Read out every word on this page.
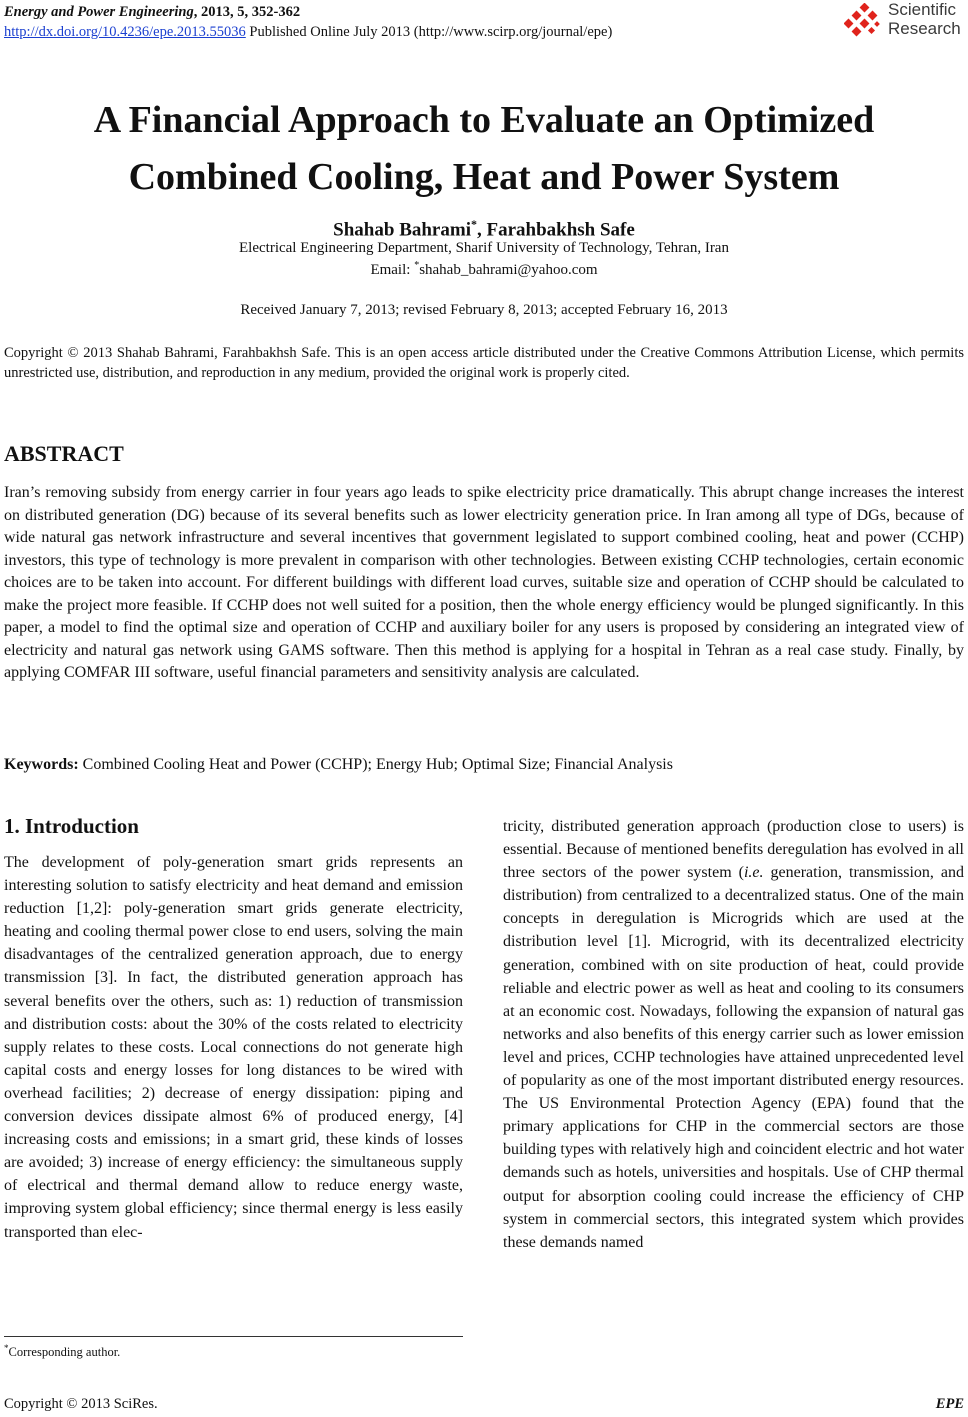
Energy and Power Engineering, 2013, 5, 352-362
http://dx.doi.org/10.4236/epe.2013.55036 Published Online July 2013 (http://www.scirp.org/journal/epe)
Scientific
Research
A Financial Approach to Evaluate an Optimized
Combined Cooling, Heat and Power System
Shahab Bahrami*, Farahbakhsh Safe
Electrical Engineering Department, Sharif University of Technology, Tehran, Iran
Email: *shahab_bahrami@yahoo.com
Received January 7, 2013; revised February 8, 2013; accepted February 16, 2013
Copyright © 2013 Shahab Bahrami, Farahbakhsh Safe. This is an open access article distributed under the Creative Commons Attribution License, which permits unrestricted use, distribution, and reproduction in any medium, provided the original work is properly cited.
ABSTRACT
Iran’s removing subsidy from energy carrier in four years ago leads to spike electricity price dramatically. This abrupt change increases the interest on distributed generation (DG) because of its several benefits such as lower electricity generation price. In Iran among all type of DGs, because of wide natural gas network infrastructure and several incentives that government legislated to support combined cooling, heat and power (CCHP) investors, this type of technology is more prevalent in comparison with other technologies. Between existing CCHP technologies, certain economic choices are to be taken into account. For different buildings with different load curves, suitable size and operation of CCHP should be calculated to make the project more feasible. If CCHP does not well suited for a position, then the whole energy efficiency would be plunged significantly. In this paper, a model to find the optimal size and operation of CCHP and auxiliary boiler for any users is proposed by considering an integrated view of electricity and natural gas network using GAMS software. Then this method is applying for a hospital in Tehran as a real case study. Finally, by applying COMFAR III software, useful financial parameters and sensitivity analysis are calculated.
Keywords: Combined Cooling Heat and Power (CCHP); Energy Hub; Optimal Size; Financial Analysis
1. Introduction
The development of poly-generation smart grids represents an interesting solution to satisfy electricity and heat demand and emission reduction [1,2]: poly-generation smart grids generate electricity, heating and cooling thermal power close to end users, solving the main disadvantages of the centralized generation approach, due to energy transmission [3]. In fact, the distributed generation approach has several benefits over the others, such as: 1) reduction of transmission and distribution costs: about the 30% of the costs related to electricity supply relates to these costs. Local connections do not generate high capital costs and energy losses for long distances to be wired with overhead facilities; 2) decrease of energy dissipation: piping and conversion devices dissipate almost 6% of produced energy, [4] increasing costs and emissions; in a smart grid, these kinds of losses are avoided; 3) increase of energy efficiency: the simultaneous supply of electrical and thermal demand allow to reduce energy waste, improving system global efficiency; since thermal energy is less easily transported than elec-
tricity, distributed generation approach (production close to users) is essential. Because of mentioned benefits deregulation has evolved in all three sectors of the power system (i.e. generation, transmission, and distribution) from centralized to a decentralized status. One of the main concepts in deregulation is Microgrids which are used at the distribution level [1]. Microgrid, with its decentralized electricity generation, combined with on site production of heat, could provide reliable and electric power as well as heat and cooling to its consumers at an economic cost. Nowadays, following the expansion of natural gas networks and also benefits of this energy carrier such as lower emission level and prices, CCHP technologies have attained unprecedented level of popularity as one of the most important distributed energy resources. The US Environmental Protection Agency (EPA) found that the primary applications for CHP in the commercial sectors are those building types with relatively high and coincident electric and hot water demands such as hotels, universities and hospitals. Use of CHP thermal output for absorption cooling could increase the efficiency of CHP system in commercial sectors, this integrated system which provides these demands named
*Corresponding author.
Copyright © 2013 SciRes.	EPE
